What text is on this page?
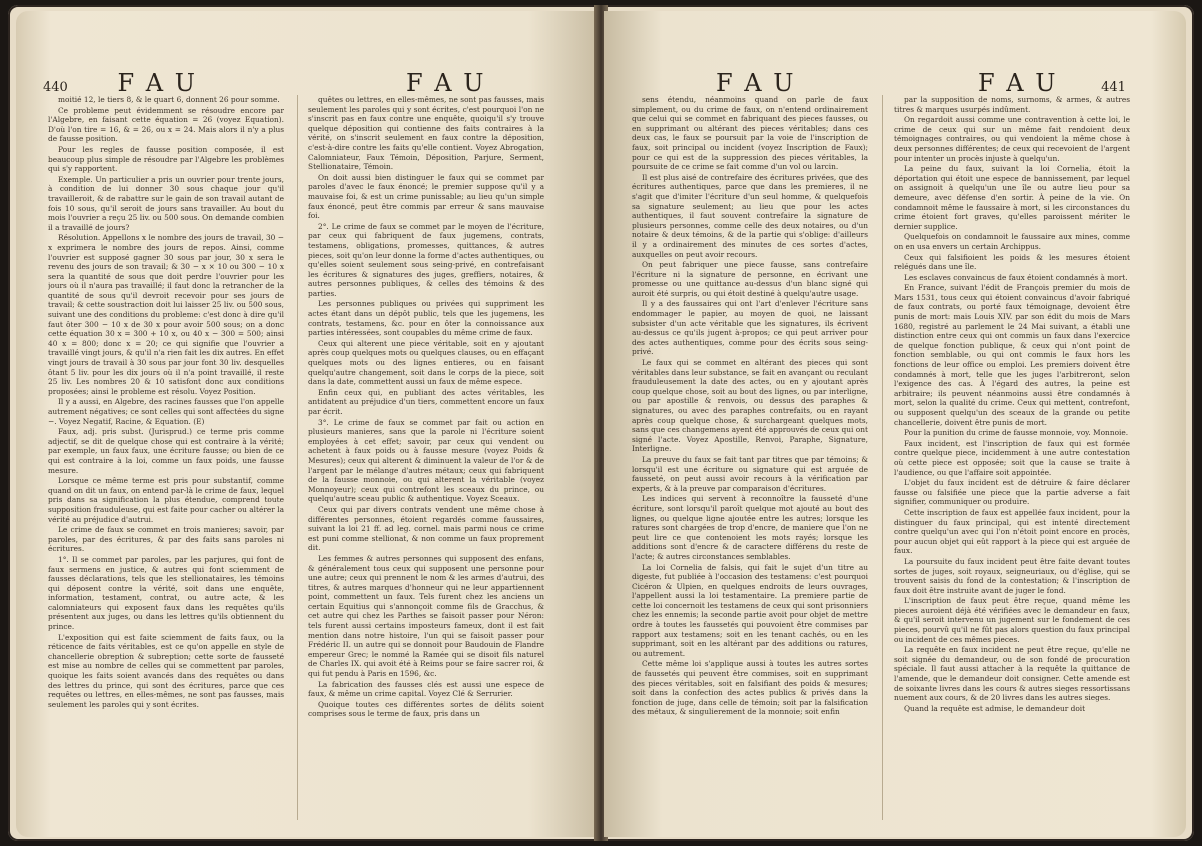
440 F A U	F A U

moitié 12, le tiers 8, & le quart 6, donnent 26 pour somme.

Ce probleme peut évidemment se résoudre encore par l'Algebre, en faisant cette équation = 26 (voyez Equation). D'où l'on tire = 16, & = 26, ou x = 24. Mais alors il n'y a plus de fausse position.

Pour les regles de fausse position composée, il est beaucoup plus simple de résoudre par l'Algebre les problèmes qui s'y rapportent.

Exemple. Un particulier a pris un ouvrier pour trente jours, à condition de lui donner 30 sous chaque jour qu'il travailleroit, & de rabattre sur le gain de son travail autant de fois 10 sous, qu'il seroit de jours sans travailler. Au bout du mois l'ouvrier a reçu 25 liv. ou 500 sous. On demande combien il a travaillé de jours?

Résolution. Appellons x le nombre des jours de travail, 30 − x exprimera le nombre des jours de repos. Ainsi, comme l'ouvrier est supposé gagner 30 sous par jour, 30 x sera le revenu des jours de son travail; & 30 − x × 10 ou 300 − 10 x sera la quantité de sous que doit perdre l'ouvrier pour les jours où il n'aura pas travaillé; il faut donc la retrancher de la quantité de sous qu'il devroit recevoir pour ses jours de travail; & cette soustraction doit lui laisser 25 liv. ou 500 sous, suivant une des conditions du probleme: c'est donc à dire qu'il faut ôter 300 − 10 x de 30 x pour avoir 500 sous; on a donc cette équation 30 x = 300 + 10 x, ou 40 x − 300 = 500; ainsi 40 x = 800; donc x = 20; ce qui signifie que l'ouvrier a travaillé vingt jours, & qu'il n'a rien fait les dix autres. En effet vingt jours de travail à 30 sous par jour font 30 liv. desquelles ôtant 5 liv. pour les dix jours où il n'a point travaillé, il reste 25 liv. Les nombres 20 & 10 satisfont donc aux conditions proposées; ainsi le probleme est résolu. Voyez Position.

Il y a aussi, en Algebre, des racines fausses que l'on appelle autrement négatives; ce sont celles qui sont affectées du signe −. Voyez Negatif, Racine, & Equation. (E)

Faux, adj. pris subst. (Jurisprud.) ce terme pris comme adjectif, se dit de quelque chose qui est contraire à la vérité; par exemple, un faux faux, une écriture fausse; ou bien de ce qui est contraire à la loi, comme un faux poids, une fausse mesure.

Lorsque ce même terme est pris pour substantif, comme quand on dit un faux, on entend par-là le crime de faux, lequel pris dans sa signification la plus étendue, comprend toute supposition frauduleuse, qui est faite pour cacher ou altérer la vérité au préjudice d'autrui.

Le crime de faux se commet en trois manieres; savoir, par paroles, par des écritures, & par des faits sans paroles ni écritures.

1°. Il se commet par paroles, par les parjures, qui font de faux sermens en justice, & autres qui font sciemment de fausses déclarations, tels que les stellionataires, les témoins qui déposent contre la vérité, soit dans une enquête, information, testament, contrat, ou autre acte, & les calomniateurs qui exposent faux dans les requêtes qu'ils présentent aux juges, ou dans les lettres qu'ils obtiennent du prince.

L'exposition qui est faite sciemment de faits faux, ou la réticence de faits véritables, est ce qu'on appelle en style de chancellerie obreption & subreption; cette sorte de fausseté est mise au nombre de celles qui se commettent par paroles, quoique les faits soient avancés dans des requêtes ou dans des lettres du prince, qui sont des écritures, parce que ces requêtes ou lettres, en elles-mêmes, ne sont pas fausses, mais seulement les paroles qui y sont écrites.

quêtes ou lettres, en elles-mêmes, ne sont pas fausses, mais seulement les paroles qui y sont écrites, c'est pourquoi l'on ne s'inscrit pas en faux contre une enquête, quoiqu'il s'y trouve quelque déposition qui contienne des faits contraires à la vérité, on s'inscrit seulement en faux contre la déposition, c'est-à-dire contre les faits qu'elle contient. Voyez Abrogation, Calomniateur, Faux Témoin, Déposition, Parjure, Serment, Stellionataire, Témoin.

On doit aussi bien distinguer le faux qui se commet par paroles d'avec le faux énoncé; le premier suppose qu'il y a mauvaise foi, & est un crime punissable; au lieu qu'un simple faux énoncé, peut être commis par erreur & sans mauvaise foi.

2°. Le crime de faux se commet par le moyen de l'écriture, par ceux qui fabriquent de faux jugemens, contrats, testamens, obligations, promesses, quittances, & autres pieces, soit qu'on leur donne la forme d'actes authentiques, ou qu'elles soient seulement sous seing-privé, en contrefaisant les écritures & signatures des juges, greffiers, notaires, & autres personnes publiques, & celles des témoins & des parties.

Les personnes publiques ou privées qui suppriment les actes étant dans un dépôt public, tels que les jugemens, les contrats, testamens, &c. pour en ôter la connoissance aux parties intéressées, sont coupables du même crime de faux.

Ceux qui alterent une piece véritable, soit en y ajoutant après coup quelques mots ou quelques clauses, ou en effaçant quelques mots ou des lignes entieres, ou en faisant quelqu'autre changement, soit dans le corps de la piece, soit dans la date, commettent aussi un faux de même espece.

Enfin ceux qui, en publiant des actes véritables, les antidatent au préjudice d'un tiers, commettent encore un faux par écrit.

3°. Le crime de faux se commet par fait ou action en plusieurs manieres, sans que la parole ni l'écriture soient employées à cet effet; savoir, par ceux qui vendent ou achetent à faux poids ou à fausse mesure (voyez Poids & Mesures); ceux qui alterent & diminuent la valeur de l'or & de l'argent par le mélange d'autres métaux; ceux qui fabriquent de la fausse monnoie, ou qui alterent la véritable (voyez Monnoyeur); ceux qui contrefont les sceaux du prince, ou quelqu'autre sceau public & authentique. Voyez Sceaux.

Ceux qui par divers contrats vendent une même chose à différentes personnes, étoient regardés comme faussaires, suivant la loi 21 ff. ad leg. cornel. mais parmi nous ce crime est puni comme stellionat, & non comme un faux proprement dit.

Les femmes & autres personnes qui supposent des enfans, & généralement tous ceux qui supposent une personne pour une autre; ceux qui prennent le nom & les armes d'autrui, des titres, & autres marques d'honneur qui ne leur appartiennent point, commettent un faux. Tels furent chez les anciens un certain Equitius qui s'annonçoit comme fils de Gracchus, & cet autre qui chez les Parthes se faisoit passer pour Néron: tels furent aussi certains imposteurs fameux, dont il est fait mention dans notre histoire, l'un qui se faisoit passer pour Frédéric II. un autre qui se donnoit pour Baudouin de Flandre empereur Grec; le nommé la Ramée qui se disoit fils naturel de Charles IX. qui avoit été à Reims pour se faire sacrer roi, & qui fut pendu à Paris en 1596, &c.

La fabrication des fausses clés est aussi une espece de faux, & même un crime capital. Voyez Clé & Serrurier.

Quoique toutes ces différentes sortes de délits soient comprises sous le terme de faux, pris dans un

F A U	F A U	441

sens étendu, néanmoins quand on parle de faux simplement, ou du crime de faux, on n'entend ordinairement que celui qui se commet en fabriquant des pieces fausses, ou en supprimant ou altérant des pieces véritables; dans ces deux cas, le faux se poursuit par la voie de l'inscription de faux, soit principal ou incident (voyez Inscription de Faux); pour ce qui est de la suppression des pieces véritables, la poursuite de ce crime se fait comme d'un vol ou larcin.

Il est plus aisé de contrefaire des écritures privées, que des écritures authentiques, parce que dans les premieres, il ne s'agit que d'imiter l'écriture d'un seul homme, & quelquefois sa signature seulement; au lieu que pour les actes authentiques, il faut souvent contrefaire la signature de plusieurs personnes, comme celle des deux notaires, ou d'un notaire & deux témoins, & de la partie qui s'oblige: d'ailleurs il y a ordinairement des minutes de ces sortes d'actes, auxquelles on peut avoir recours.

On peut fabriquer une piece fausse, sans contrefaire l'écriture ni la signature de personne, en écrivant une promesse ou une quittance au-dessus d'un blanc signé qui auroit été surpris, ou qui étoit destiné à quelqu'autre usage.

Il y a des faussaires qui ont l'art d'enlever l'écriture sans endommager le papier, au moyen de quoi, ne laissant subsister d'un acte véritable que les signatures, ils écrivent au-dessus ce qu'ils jugent à-propos; ce qui peut arriver pour des actes authentiques, comme pour des écrits sous seing-privé.

Le faux qui se commet en altérant des pieces qui sont véritables dans leur substance, se fait en avançant ou reculant frauduleusement la date des actes, ou en y ajoutant après coup quelque chose, soit au bout des lignes, ou par interligne, ou par apostille & renvois, ou dessus des paraphes & signatures, ou avec des paraphes contrefaits, ou en rayant après coup quelque chose, & surchargeant quelques mots, sans que ces changemens ayent été approuvés de ceux qui ont signé l'acte. Voyez Apostille, Renvoi, Paraphe, Signature, Interligne.

La preuve du faux se fait tant par titres que par témoins; & lorsqu'il est une écriture ou signature qui est arguée de fausseté, on peut aussi avoir recours à la vérification par experts, & à la preuve par comparaison d'écritures.

Les indices qui servent à reconnoître la fausseté d'une écriture, sont lorsqu'il paroît quelque mot ajouté au bout des lignes, ou quelque ligne ajoutée entre les autres; lorsque les ratures sont chargées de trop d'encre, de maniere que l'on ne peut lire ce que contenoient les mots rayés; lorsque les additions sont d'encre & de caractere différens du reste de l'acte; & autres circonstances semblables.

La loi Cornelia de falsis, qui fait le sujet d'un titre au digeste, fut publiée à l'occasion des testamens: c'est pourquoi Cicéron & Ulpien, en quelques endroits de leurs ouvrages, l'appellent aussi la loi testamentaire. La premiere partie de cette loi concernoit les testamens de ceux qui sont prisonniers chez les ennemis; la seconde partie avoit pour objet de mettre ordre à toutes les faussetés qui pouvoient être commises par rapport aux testamens; soit en les tenant cachés, ou en les supprimant, soit en les altérant par des additions ou ratures, ou autrement.

Cette même loi s'applique aussi à toutes les autres sortes de faussetés qui peuvent être commises, soit en supprimant des pieces véritables, soit en falsifiant des poids & mesures; soit dans la confection des actes publics & privés dans la fonction de juge, dans celle de témoin; soit par la falsification des métaux, & singulierement de la monnoie; soit enfin

par la supposition de noms, surnoms, & armes, & autres titres & marques usurpés indûment.

On regardoit aussi comme une contravention à cette loi, le crime de ceux qui sur un même fait rendoient deux témoignages contraires, ou qui vendoient la même chose à deux personnes différentes; de ceux qui recevoient de l'argent pour intenter un procès injuste à quelqu'un.

La peine du faux, suivant la loi Cornelia, étoit la déportation qui étoit une espece de bannissement, par lequel on assignoit à quelqu'un une île ou autre lieu pour sa demeure, avec défense d'en sortir. À peine de la vie. On condamnoit même le faussaire à mort, si les circonstances du crime étoient fort graves, qu'elles paroissent mériter le dernier supplice.

Quelquefois on condamnoit le faussaire aux mines, comme on en usa envers un certain Archippus.

Ceux qui falsifioient les poids & les mesures étoient relégués dans une île.

Les esclaves convaincus de faux étoient condamnés à mort.

En France, suivant l'édit de François premier du mois de Mars 1531, tous ceux qui étoient convaincus d'avoir fabriqué de faux contrats, ou porté faux témoignage, devoient être punis de mort: mais Louis XIV. par son édit du mois de Mars 1680, registré au parlement le 24 Mai suivant, a établi une distinction entre ceux qui ont commis un faux dans l'exercice de quelque fonction publique, & ceux qui n'ont point de fonction semblable, ou qui ont commis le faux hors les fonctions de leur office ou emploi. Les premiers doivent être condamnés à mort, telle que les juges l'arbitreront, selon l'exigence des cas. À l'égard des autres, la peine est arbitraire; ils peuvent néanmoins aussi être condamnés à mort, selon la qualité du crime. Ceux qui mettent, contrefont, ou supposent quelqu'un des sceaux de la grande ou petite chancellerie, doivent être punis de mort.

Pour la punition du crime de fausse monnoie, voy. Monnoie.

Faux incident, est l'inscription de faux qui est formée contre quelque piece, incidemment à une autre contestation où cette piece est opposée; soit que la cause se traite à l'audience, ou que l'affaire soit appointée.

L'objet du faux incident est de détruire & faire déclarer fausse ou falsifiée une piece que la partie adverse a fait signifier, communiquer ou produire.

Cette inscription de faux est appellée faux incident, pour la distinguer du faux principal, qui est intenté directement contre quelqu'un avec qui l'on n'étoit point encore en procès, pour aucun objet qui eût rapport à la piece qui est arguée de faux.

La poursuite du faux incident peut être faite devant toutes sortes de juges, soit royaux, seigneuriaux, ou d'église, qui se trouvent saisis du fond de la contestation; & l'inscription de faux doit être instruite avant de juger le fond.

L'inscription de faux peut être reçue, quand même les pieces auroient déjà été vérifiées avec le demandeur en faux, & qu'il seroit intervenu un jugement sur le fondement de ces pieces, pourvû qu'il ne fût pas alors question du faux principal ou incident de ces mêmes pieces.

La requête en faux incident ne peut être reçue, qu'elle ne soit signée du demandeur, ou de son fondé de procuration spéciale. Il faut aussi attacher à la requête la quittance de l'amende, que le demandeur doit consigner. Cette amende est de soixante livres dans les cours & autres sieges ressortissans nuement aux cours, & de 20 livres dans les autres sieges.

Quand la requête est admise, le demandeur doit
